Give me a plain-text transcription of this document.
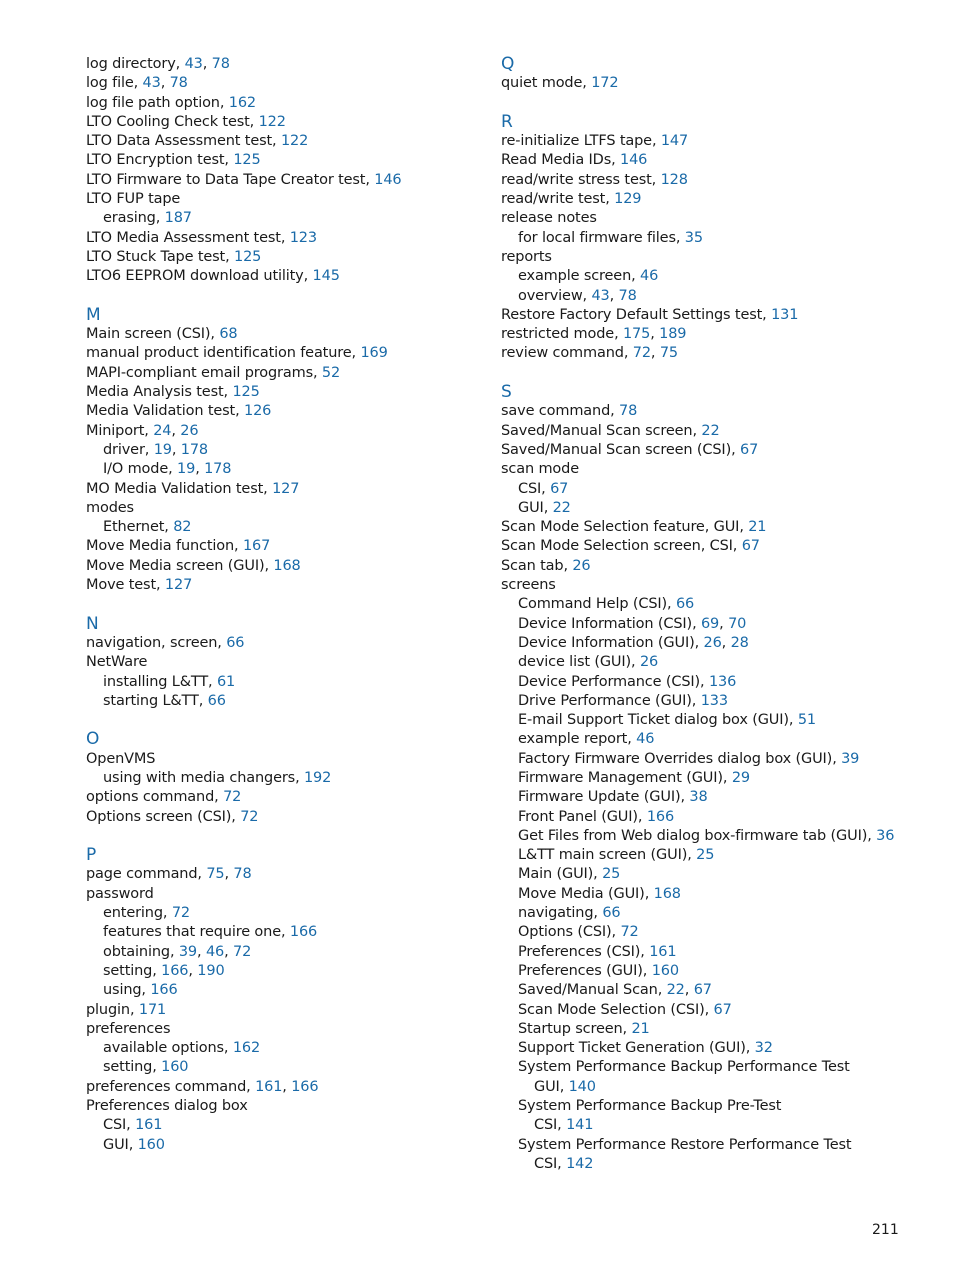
log directory, 43, 78
log file, 43, 78
log file path option, 162
LTO Cooling Check test, 122
LTO Data Assessment test, 122
LTO Encryption test, 125
LTO Firmware to Data Tape Creator test, 146
LTO FUP tape
erasing, 187
LTO Media Assessment test, 123
LTO Stuck Tape test, 125
LTO6 EEPROM download utility, 145
M
Main screen (CSI), 68
manual product identification feature, 169
MAPI-compliant email programs, 52
Media Analysis test, 125
Media Validation test, 126
Miniport, 24, 26
driver, 19, 178
I/O mode, 19, 178
MO Media Validation test, 127
modes
Ethernet, 82
Move Media function, 167
Move Media screen (GUI), 168
Move test, 127
N
navigation, screen, 66
NetWare
installing L&TT, 61
starting L&TT, 66
O
OpenVMS
using with media changers, 192
options command, 72
Options screen (CSI), 72
P
page command, 75, 78
password
entering, 72
features that require one, 166
obtaining, 39, 46, 72
setting, 166, 190
using, 166
plugin, 171
preferences
available options, 162
setting, 160
preferences command, 161, 166
Preferences dialog box
CSI, 161
GUI, 160
Q
quiet mode, 172
R
re-initialize LTFS tape, 147
Read Media IDs, 146
read/write stress test, 128
read/write test, 129
release notes
for local firmware files, 35
reports
example screen, 46
overview, 43, 78
Restore Factory Default Settings test, 131
restricted mode, 175, 189
review command, 72, 75
S
save command, 78
Saved/Manual Scan screen, 22
Saved/Manual Scan screen (CSI), 67
scan mode
CSI, 67
GUI, 22
Scan Mode Selection feature, GUI, 21
Scan Mode Selection screen, CSI, 67
Scan tab, 26
screens
Command Help (CSI), 66
Device Information (CSI), 69, 70
Device Information (GUI), 26, 28
device list (GUI), 26
Device Performance (CSI), 136
Drive Performance (GUI), 133
E-mail Support Ticket dialog box (GUI), 51
example report, 46
Factory Firmware Overrides dialog box (GUI), 39
Firmware Management (GUI), 29
Firmware Update (GUI), 38
Front Panel (GUI), 166
Get Files from Web dialog box-firmware tab (GUI), 36
L&TT main screen (GUI), 25
Main (GUI), 25
Move Media (GUI), 168
navigating, 66
Options (CSI), 72
Preferences (CSI), 161
Preferences (GUI), 160
Saved/Manual Scan, 22, 67
Scan Mode Selection (CSI), 67
Startup screen, 21
Support Ticket Generation (GUI), 32
System Performance Backup Performance Test
GUI, 140
System Performance Backup Pre-Test
CSI, 141
System Performance Restore Performance Test
CSI, 142
211
